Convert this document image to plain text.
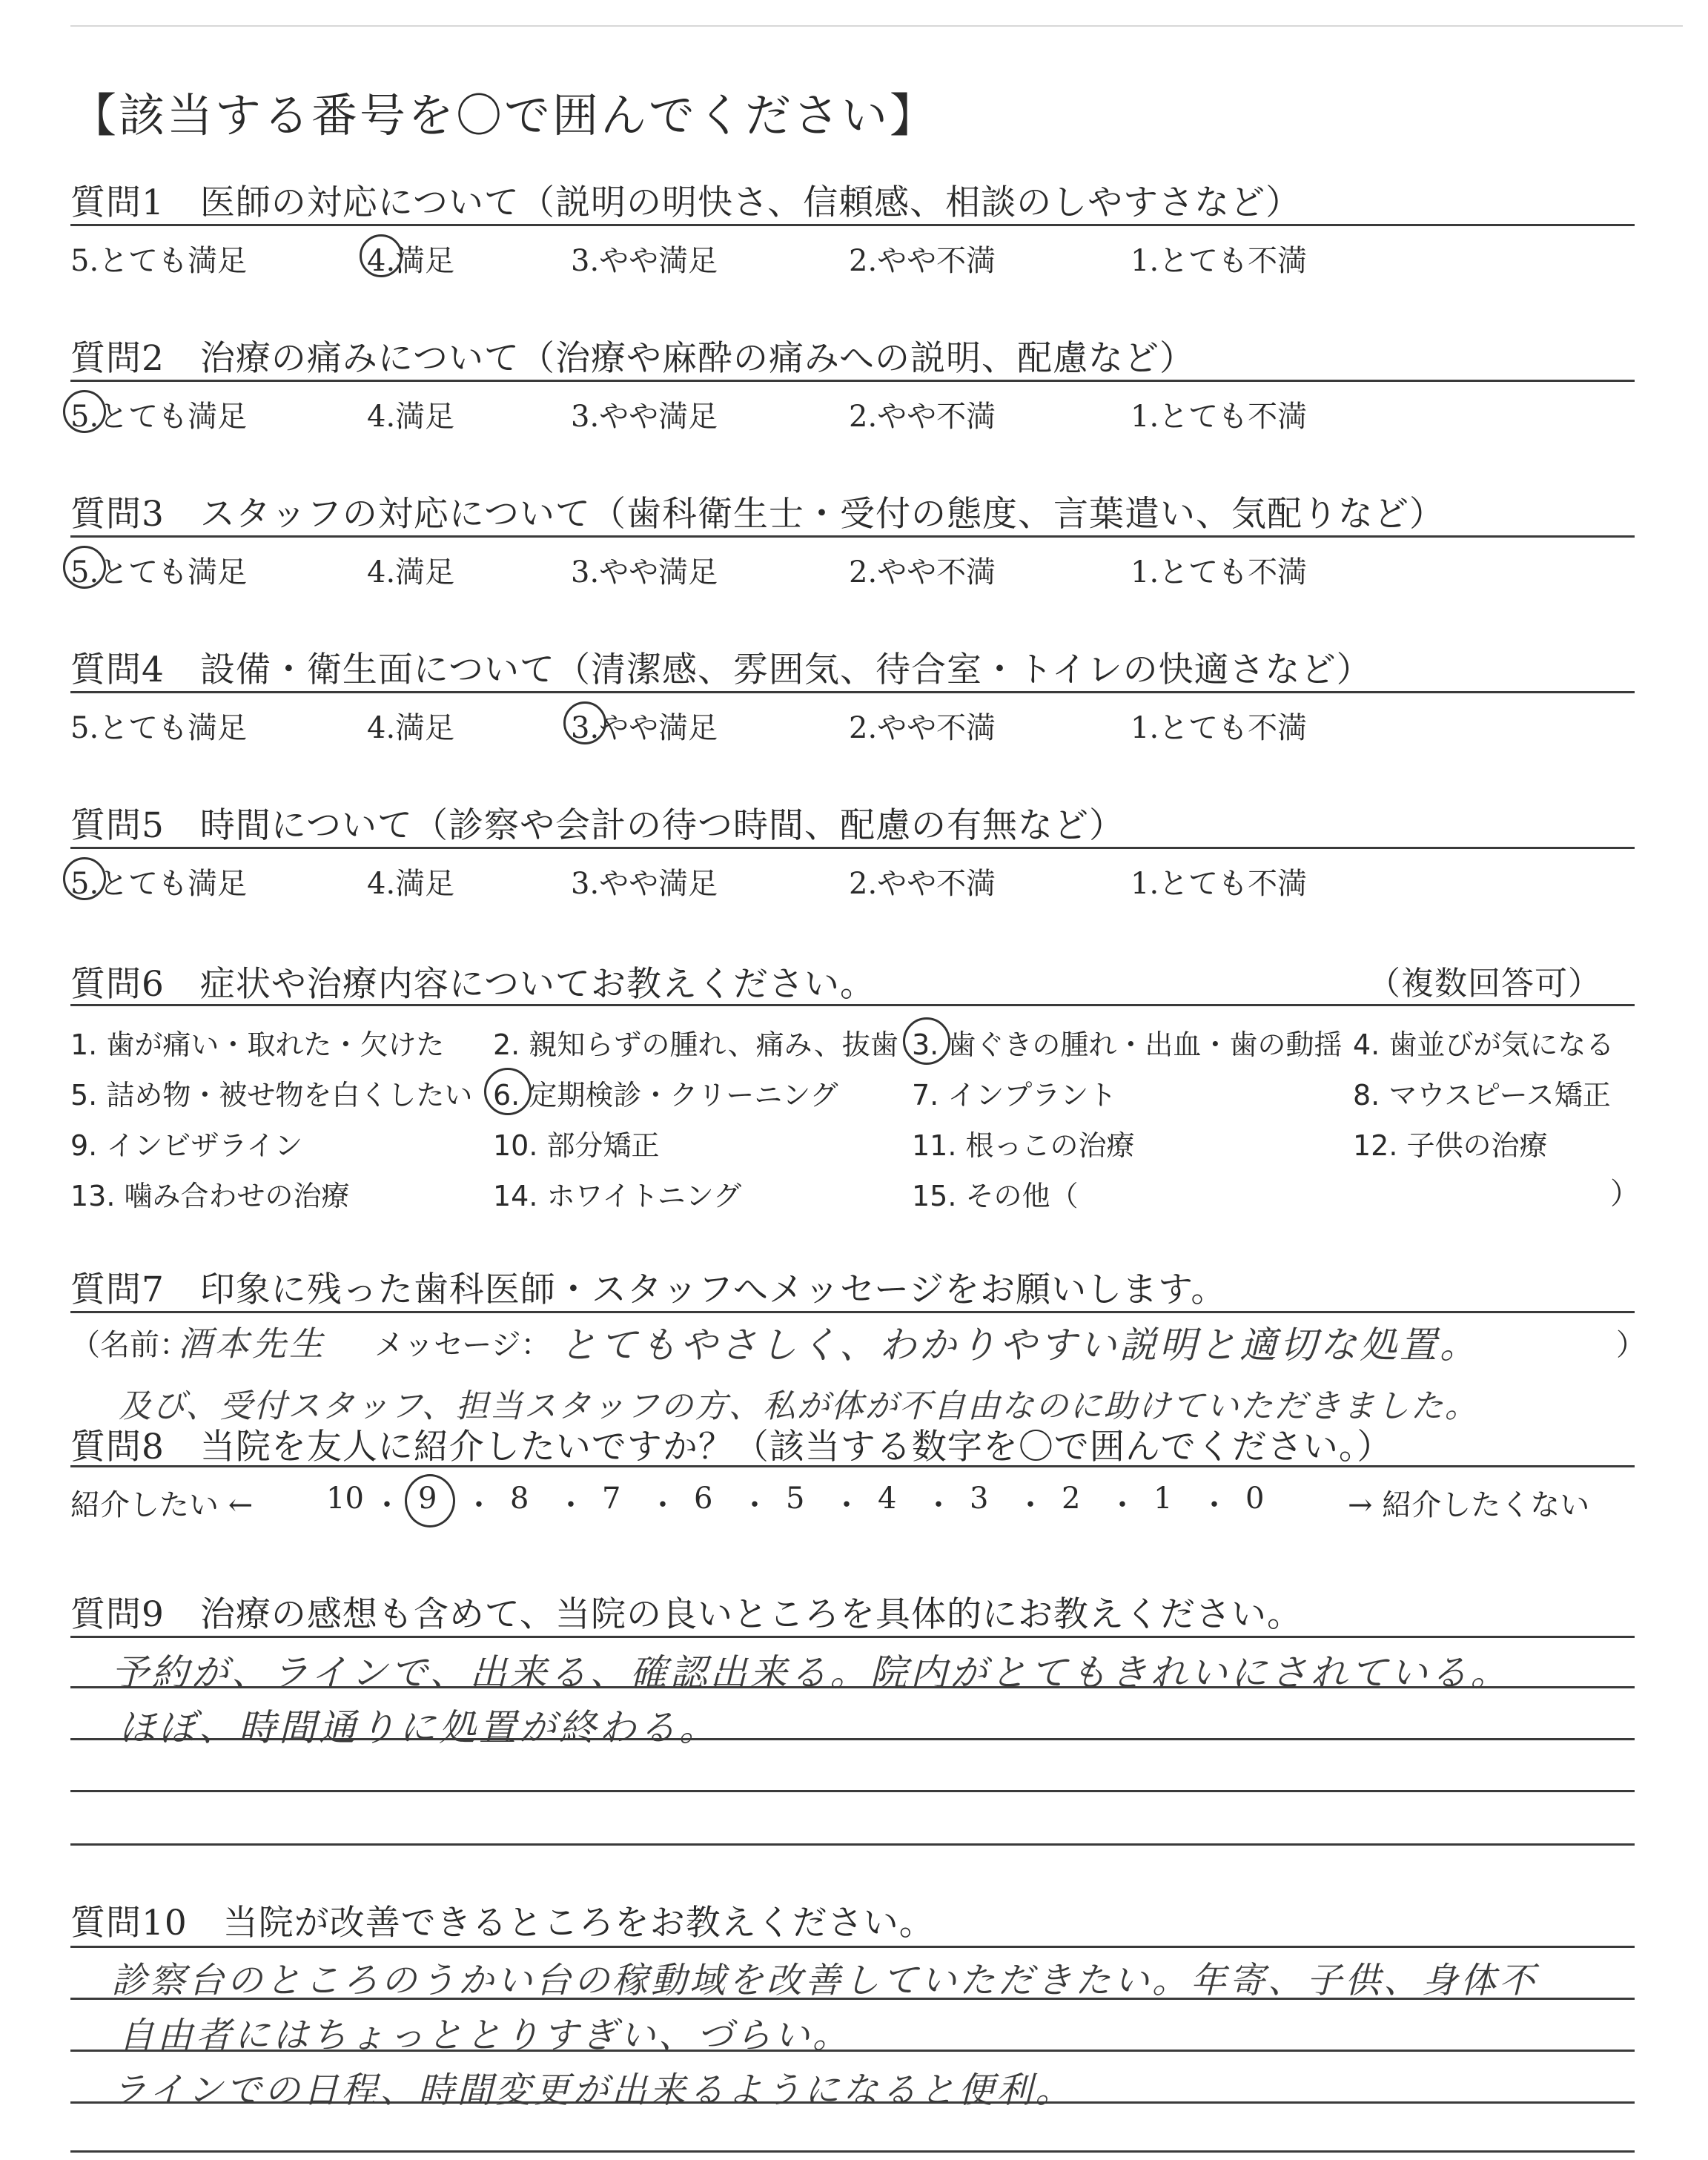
【該当する番号を〇で囲んでください】
質問1　医師の対応について（説明の明快さ、信頼感、相談のしやすさなど）
5.とても満足	4.満足	3.やや満足	2.やや不満	1.とても不満
質問2　治療の痛みについて（治療や麻酔の痛みへの説明、配慮など）
5.とても満足	4.満足	3.やや満足	2.やや不満	1.とても不満
質問3　スタッフの対応について（歯科衛生士・受付の態度、言葉遣い、気配りなど）
5.とても満足	4.満足	3.やや満足	2.やや不満	1.とても不満
質問4　設備・衛生面について（清潔感、雰囲気、待合室・トイレの快適さなど）
5.とても満足	4.満足	3.やや満足	2.やや不満	1.とても不満
質問5　時間について（診察や会計の待つ時間、配慮の有無など）
5.とても満足	4.満足	3.やや満足	2.やや不満	1.とても不満
質問6　症状や治療内容についてお教えください。	（複数回答可）
1. 歯が痛い・取れた・欠けた 2. 親知らずの腫れ、痛み、抜歯 3. 歯ぐきの腫れ・出血・歯の動揺 4. 歯並びが気になる
5. 詰め物・被せ物を白くしたい 6. 定期検診・クリーニング	7. インプラント	8. マウスピース矯正
9. インビザライン	10. 部分矯正	11. 根っこの治療	12. 子供の治療
13. 噛み合わせの治療	14. ホワイトニング	15. その他（	）
質問7　印象に残った歯科医師・スタッフへメッセージをお願いします。
（名前：
酒本先生 メッセージ： とてもやさしく、わかりやすい説明と適切な処置。	）
及び、受付スタッフ、担当スタッフの方、私が体が不自由なのに助けていただきました。
質問8　当院を友人に紹介したいですか？（該当する数字を〇で囲んでください。）
紹介したい ← 10 ・ 9 ・ 8 ・ 7 ・ 6 ・ 5 ・ 4 ・ 3 ・ 2 ・ 1 ・ 0	→ 紹介したくない
質問9　治療の感想も含めて、当院の良いところを具体的にお教えください。
予約が、ラインで、出来る、確認出来る。院内がとてもきれいにされている。
ほぼ、時間通りに処置が終わる。
質問10　当院が改善できるところをお教えください。
診察台のところのうかい台の稼動域を改善していただきたい。年寄、子供、身体不
自由者にはちょっととりすぎい、づらい。
ラインでの日程、時間変更が出来るようになると便利。
